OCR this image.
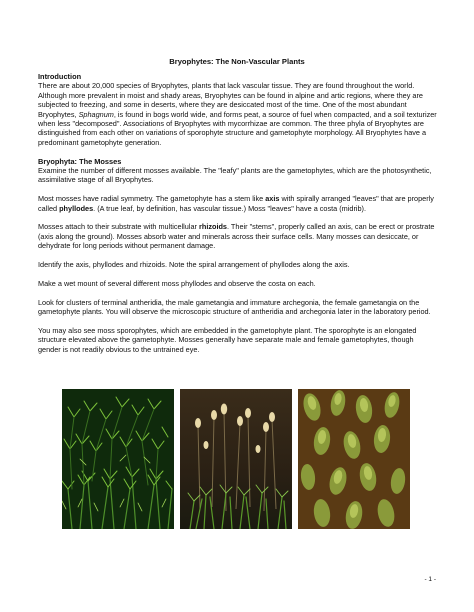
Bryophytes: The Non-Vascular Plants
Introduction

There are about 20,000 species of Bryophytes, plants that lack vascular tissue. They are found throughout the world. Although more prevalent in moist and shady areas, Bryophytes can be found in alpine and artic regions, where they are subjected to freezing, and some in deserts, where they are desiccated most of the time. One of the most abundant Bryophytes, Sphagnum, is found in bogs world wide, and forms peat, a source of fuel when compacted, and a soil texturizer when less "decomposed". Associations of Bryophytes with mycorrhizae are common. The three phyla of Bryophytes are distinguished from each other on variations of sporophyte structure and gametophyte morphology. All Bryophytes have a predominant gametophyte generation.

Bryophyta: The Mosses

Examine the number of different mosses available. The "leafy" plants are the gametophytes, which are the photosynthetic, assimilative stage of all Bryophytes.

Most mosses have radial symmetry. The gametophyte has a stem like axis with spirally arranged "leaves" that are properly called phyllodes. (A true leaf, by definition, has vascular tissue.) Moss "leaves" have a costa (midrib).

Mosses attach to their substrate with multicellular rhizoids. Their "stems", properly called an axis, can be erect or prostrate (axis along the ground). Mosses absorb water and minerals across their surface cells. Many mosses can desiccate, or dehydrate for long periods without permanent damage.

Identify the axis, phyllodes and rhizoids. Note the spiral arrangement of phyllodes along the axis.

Make a wet mount of several different moss phyllodes and observe the costa on each.

Look for clusters of terminal antheridia, the male gametangia and immature archegonia, the female gametangia on the gametophyte plants. You will observe the microscopic structure of antheridia and archegonia later in the laboratory period.

You may also see moss sporophytes, which are embedded in the gametophyte plant. The sporophyte is an elongated structure elevated above the gametophyte. Mosses generally have separate male and female gametophytes, though gender is not readily obvious to the untrained eye.

- 1 -
